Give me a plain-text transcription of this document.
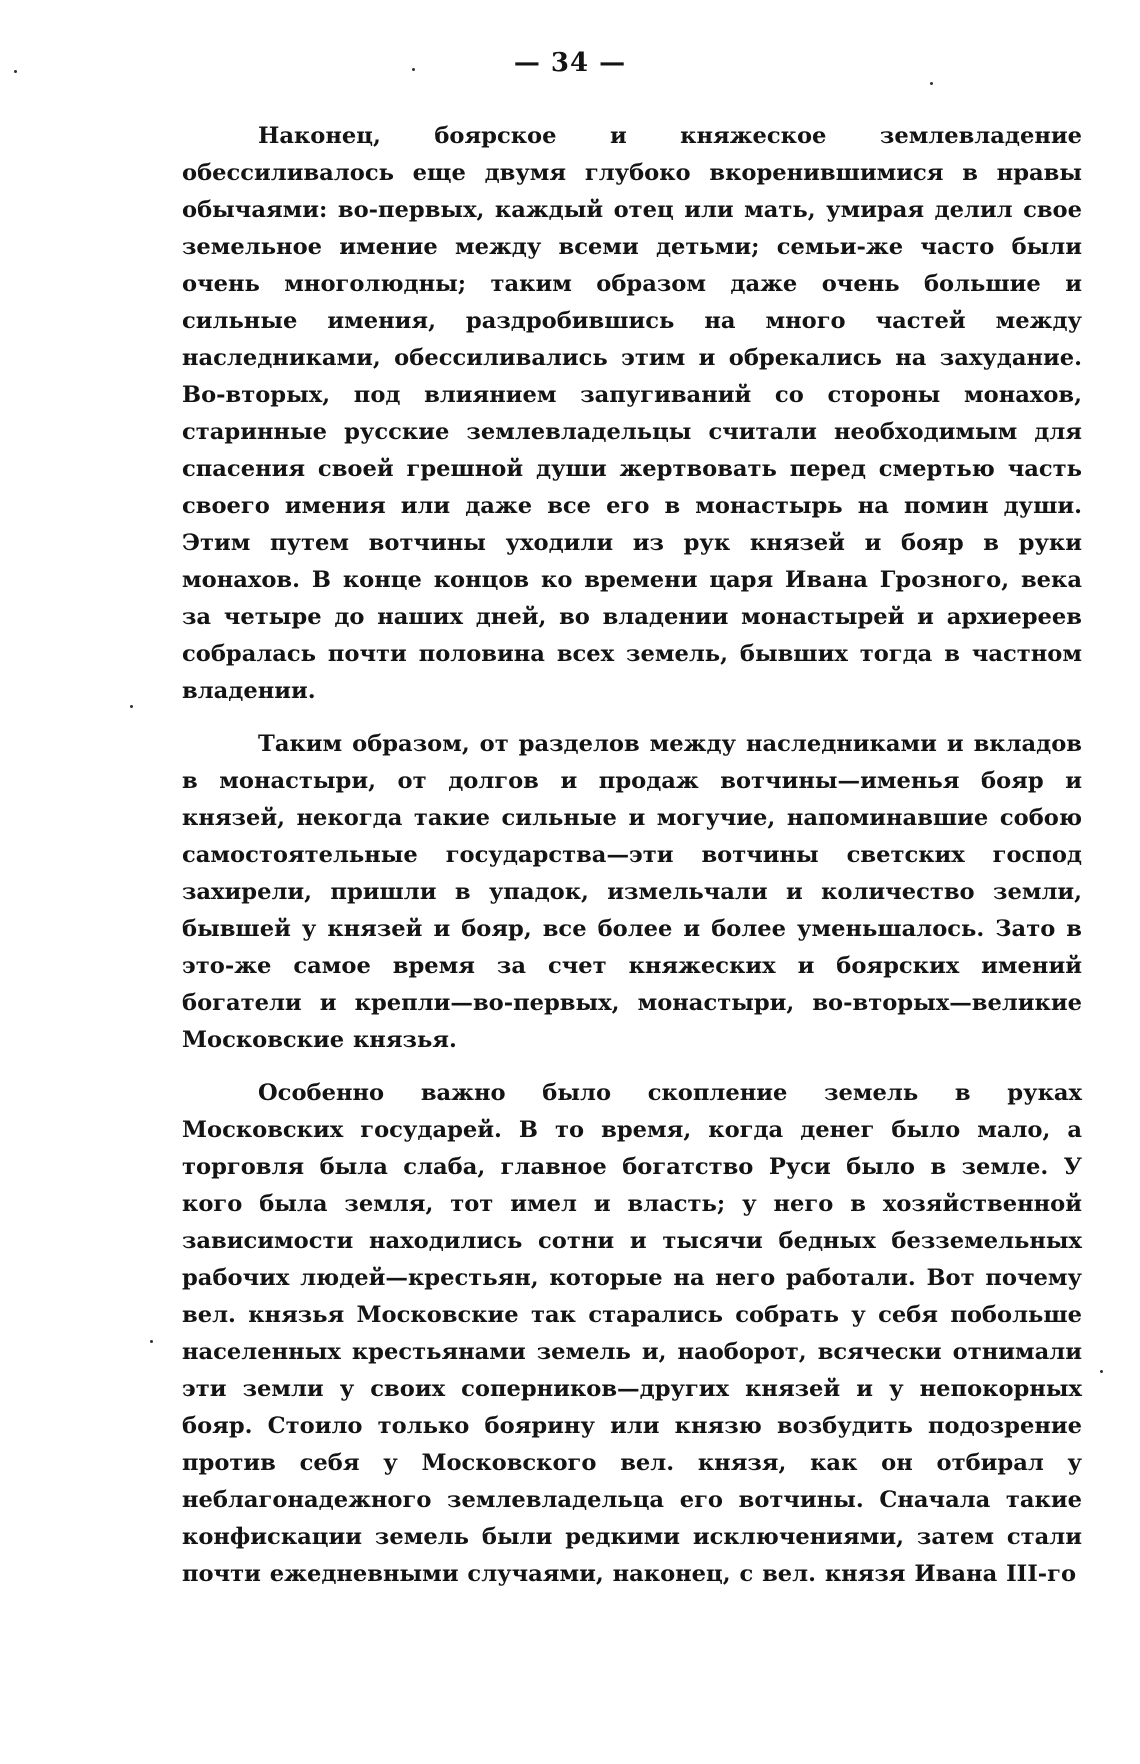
— 34 —

Наконец, боярское и княжеское землевладение обессиливалось еще двумя глубоко вкоренившимися в нравы обычаями: во-первых, каждый отец или мать, умирая делил свое земельное имение между всеми детьми; семьи-же часто были очень многолюдны; таким образом даже очень большие и сильные имения, раздробившись на много частей между наследниками, обессиливались этим и обрекались на захудание. Во-вторых, под влиянием запугиваний со стороны монахов, старинные русские землевладельцы считали необходимым для спасения своей грешной души жертвовать перед смертью часть своего имения или даже все его в монастырь на помин души. Этим путем вотчины уходили из рук князей и бояр в руки монахов. В конце концов ко времени царя Ивана Грозного, века за четыре до наших дней, во владении монастырей и архиереев собралась почти половина всех земель, бывших тогда в частном владении.

Таким образом, от разделов между наследниками и вкладов в монастыри, от долгов и продаж вотчины—именья бояр и князей, некогда такие сильные и могучие, напоминавшие собою самостоятельные государства—эти вотчины светских господ захирели, пришли в упадок, измельчали и количество земли, бывшей у князей и бояр, все более и более уменьшалось. Зато в это-же самое время за счет княжеских и боярских имений богатели и крепли—во-первых, монастыри, во-вторых—великие Московские князья.

Особенно важно было скопление земель в руках Московских государей. В то время, когда денег было мало, а торговля была слаба, главное богатство Руси было в земле. У кого была земля, тот имел и власть; у него в хозяйственной зависимости находились сотни и тысячи бедных безземельных рабочих людей—крестьян, которые на него работали. Вот почему вел. князья Московские так старались собрать у себя побольше населенных крестьянами земель и, наоборот, всячески отнимали эти земли у своих соперников—других князей и у непокорных бояр. Стоило только боярину или князю возбудить подозрение против себя у Московского вел. князя, как он отбирал у неблагонадежного землевладельца его вотчины. Сначала такие конфискации земель были редкими исключениями, затем стали почти ежедневными случаями, наконец, с вел. князя Ивана III-го
